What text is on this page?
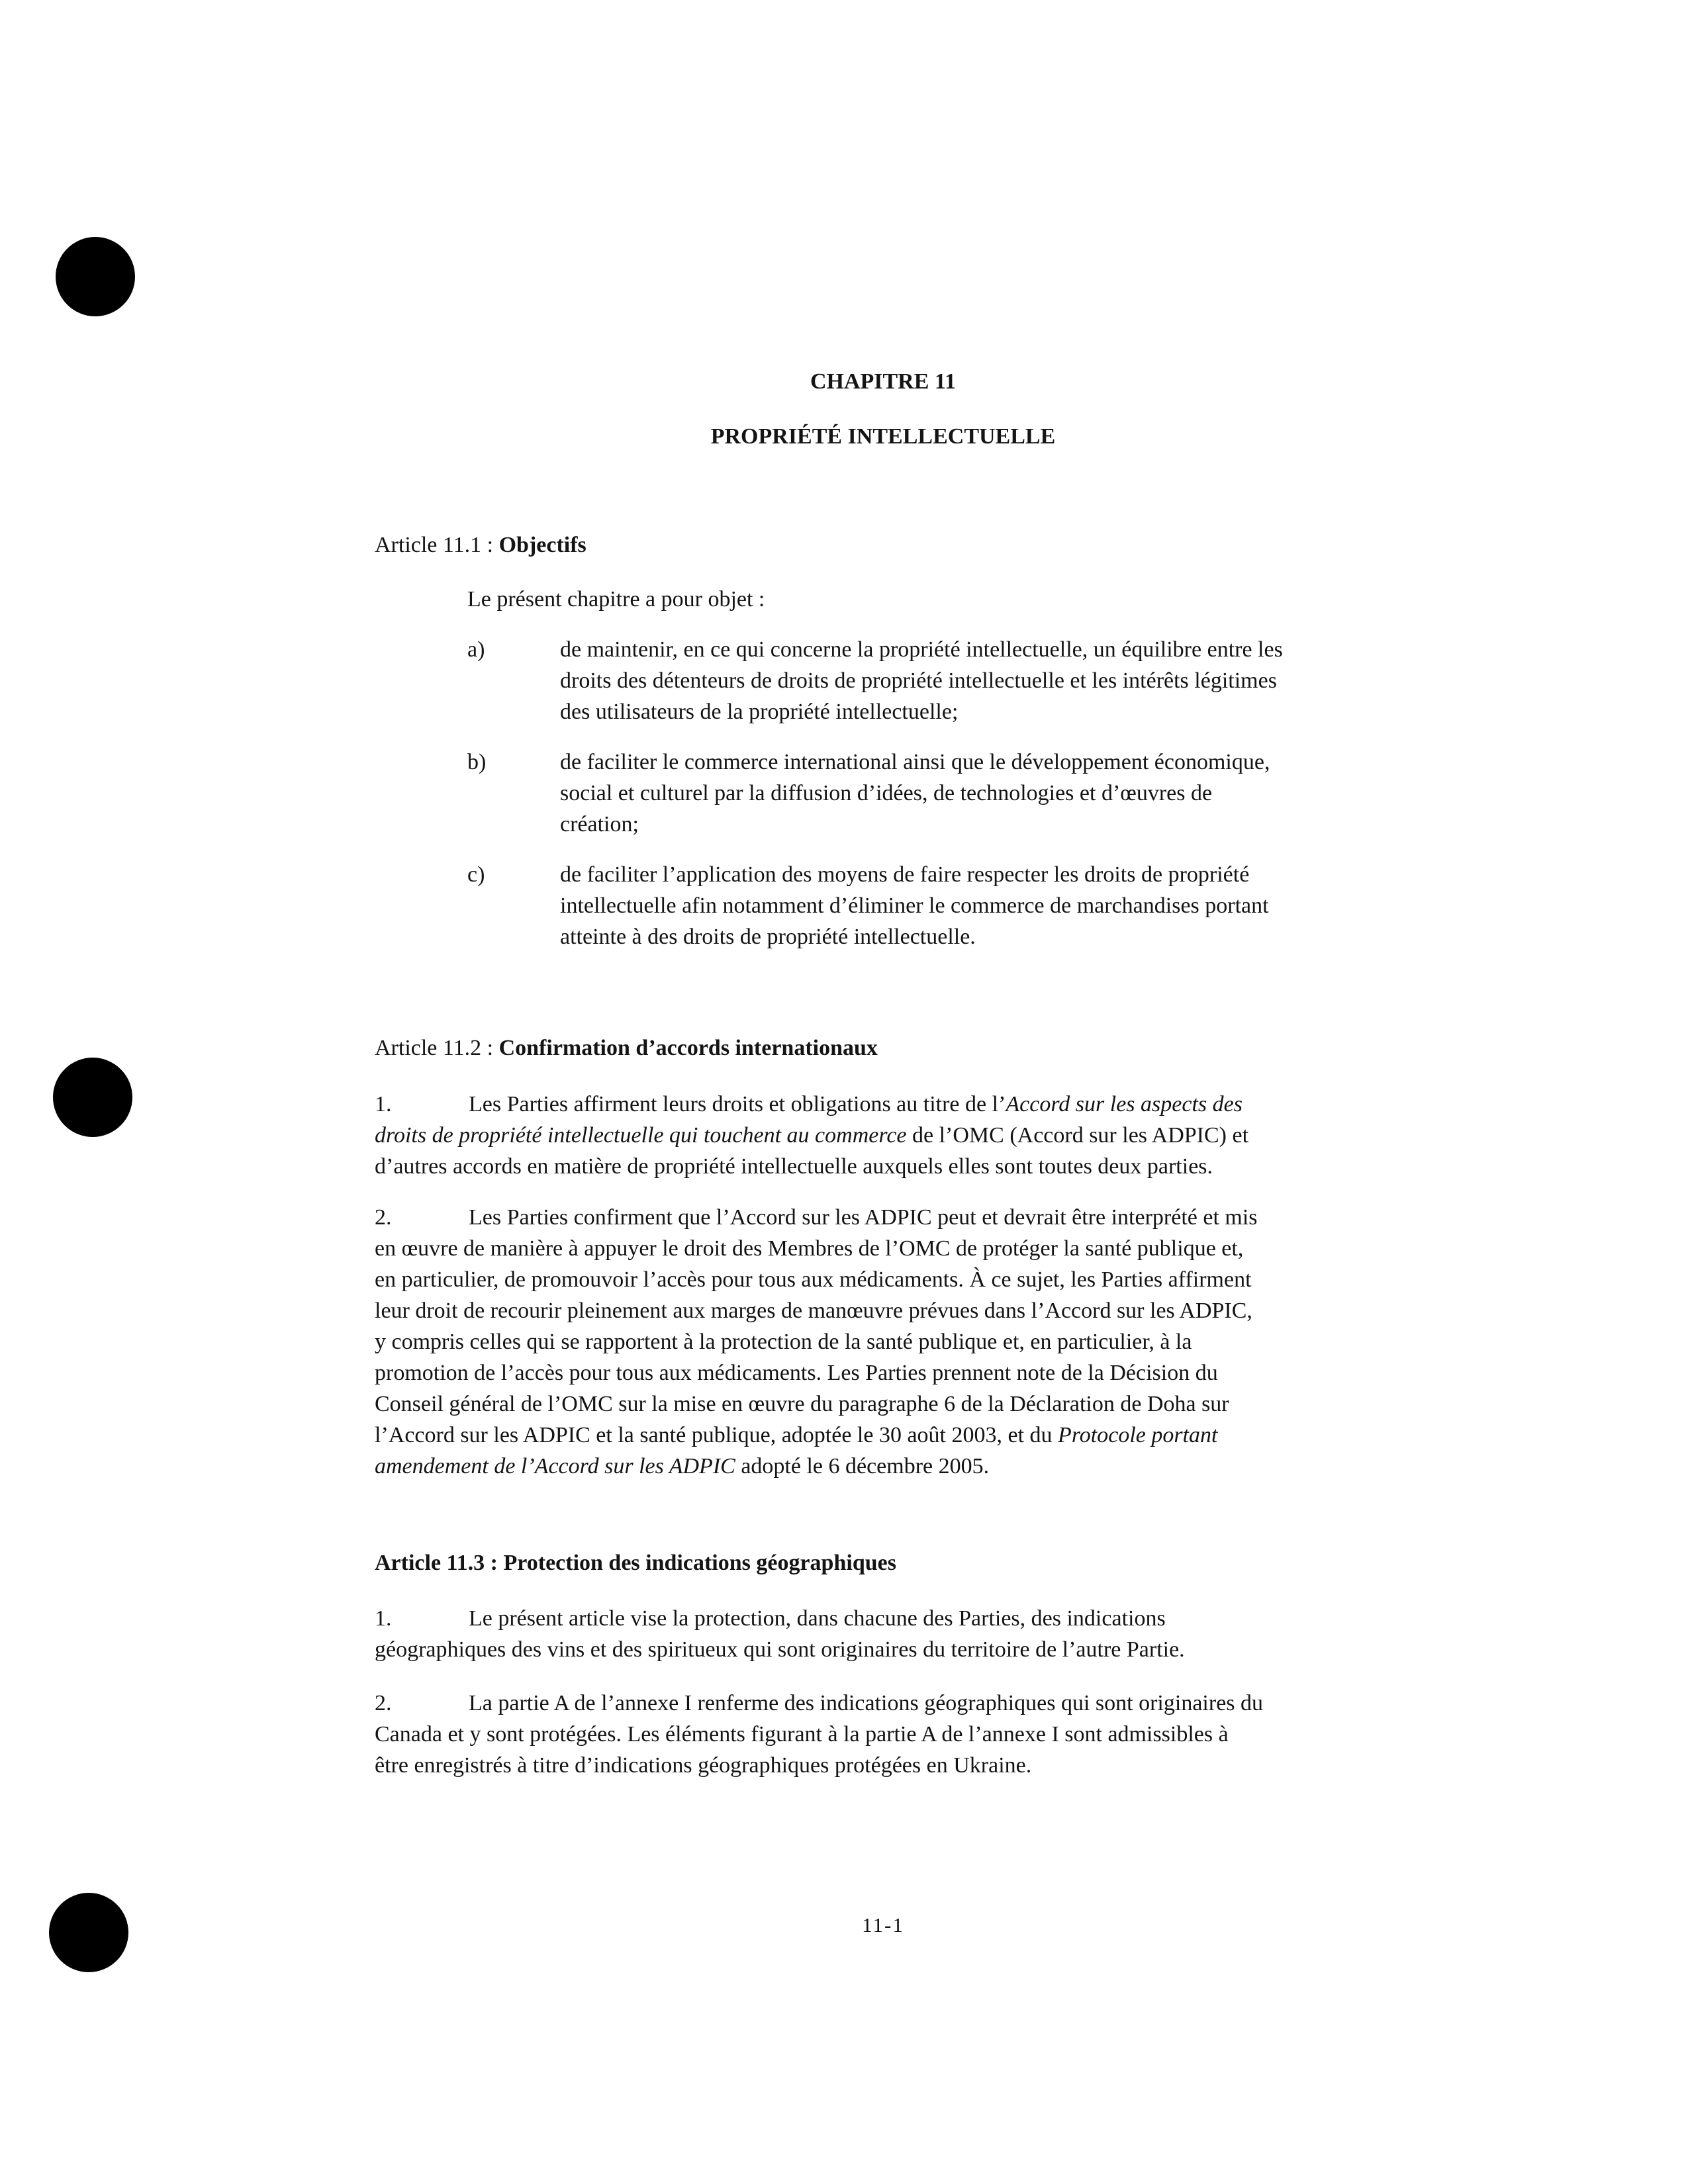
CHAPITRE 11
PROPRIÉTÉ INTELLECTUELLE
Article 11.1 : Objectifs
Le présent chapitre a pour objet :
a)	de maintenir, en ce qui concerne la propriété intellectuelle, un équilibre entre les
droits des détenteurs de droits de propriété intellectuelle et les intérêts légitimes
des utilisateurs de la propriété intellectuelle;
b)	de faciliter le commerce international ainsi que le développement économique,
social et culturel par la diffusion d’idées, de technologies et d’œuvres de
création;
c)	de faciliter l’application des moyens de faire respecter les droits de propriété
intellectuelle afin notamment d’éliminer le commerce de marchandises portant
atteinte à des droits de propriété intellectuelle.
Article 11.2 : Confirmation d’accords internationaux
1.	Les Parties affirment leurs droits et obligations au titre de l’Accord sur les aspects des
droits de propriété intellectuelle qui touchent au commerce de l’OMC (Accord sur les ADPIC) et
d’autres accords en matière de propriété intellectuelle auxquels elles sont toutes deux parties.
2.	Les Parties confirment que l’Accord sur les ADPIC peut et devrait être interprété et mis
en œuvre de manière à appuyer le droit des Membres de l’OMC de protéger la santé publique et,
en particulier, de promouvoir l’accès pour tous aux médicaments. À ce sujet, les Parties affirment
leur droit de recourir pleinement aux marges de manœuvre prévues dans l’Accord sur les ADPIC,
y compris celles qui se rapportent à la protection de la santé publique et, en particulier, à la
promotion de l’accès pour tous aux médicaments. Les Parties prennent note de la Décision du
Conseil général de l’OMC sur la mise en œuvre du paragraphe 6 de la Déclaration de Doha sur
l’Accord sur les ADPIC et la santé publique, adoptée le 30 août 2003, et du Protocole portant
amendement de l’Accord sur les ADPIC adopté le 6 décembre 2005.
Article 11.3 : Protection des indications géographiques
1.	Le présent article vise la protection, dans chacune des Parties, des indications
géographiques des vins et des spiritueux qui sont originaires du territoire de l’autre Partie.
2.	La partie A de l’annexe I renferme des indications géographiques qui sont originaires du
Canada et y sont protégées. Les éléments figurant à la partie A de l’annexe I sont admissibles à
être enregistrés à titre d’indications géographiques protégées en Ukraine.
11-1
